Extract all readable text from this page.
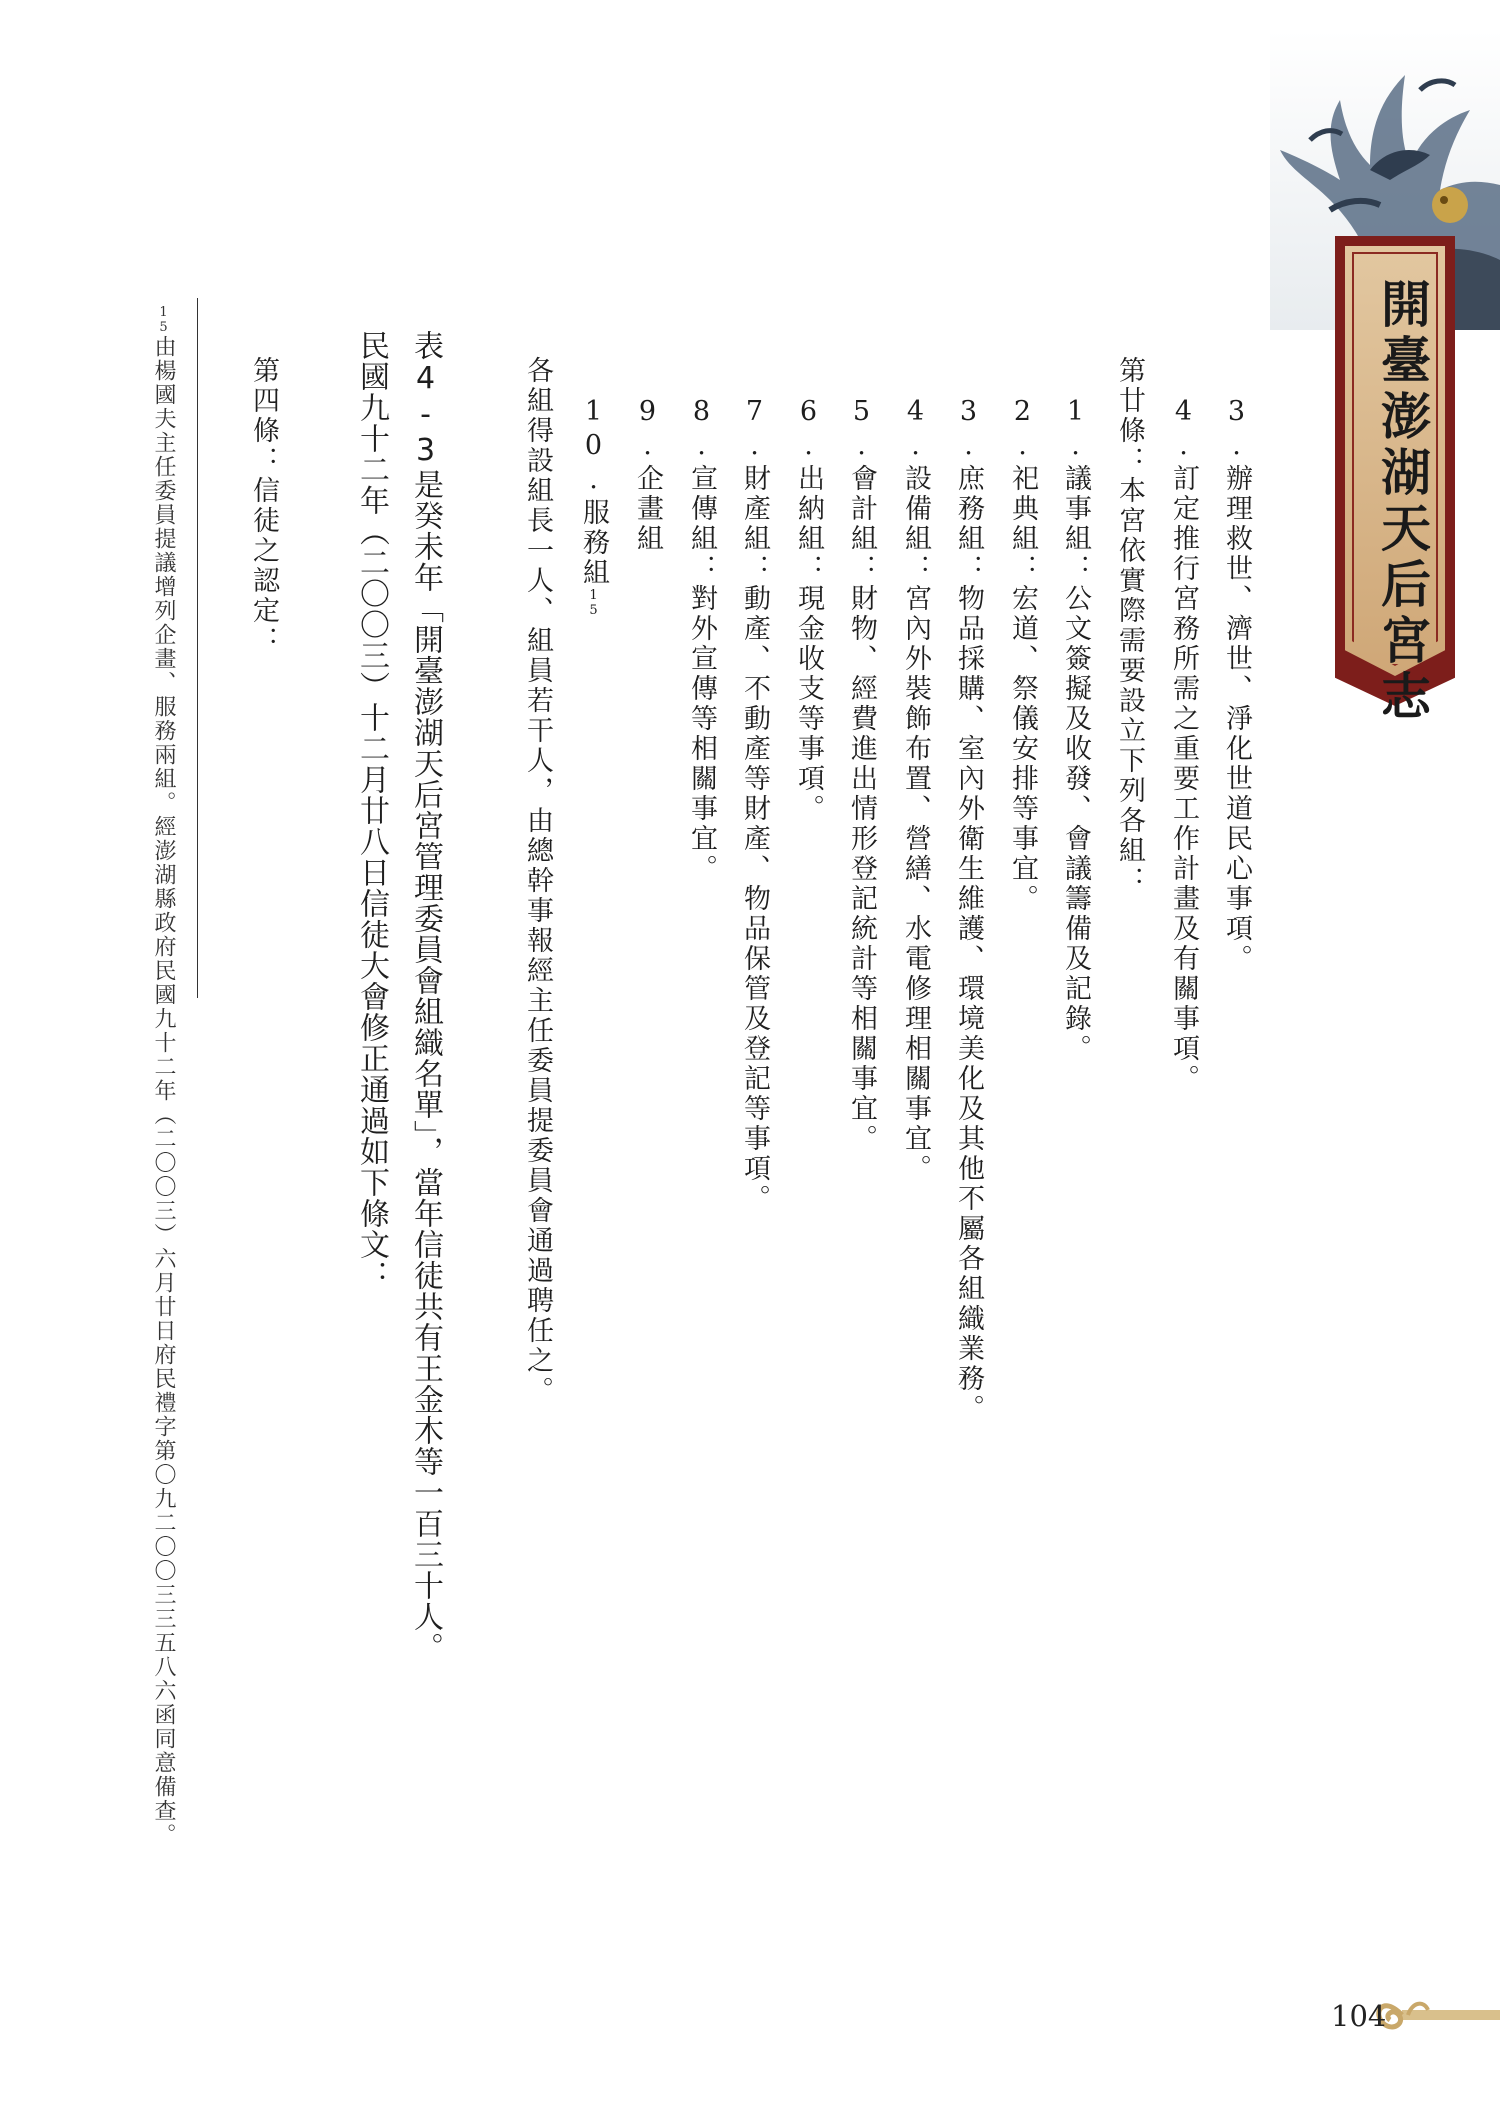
開臺澎湖天后宮志
3.辦理救世、濟世、淨化世道民心事項。
4.訂定推行宮務所需之重要工作計畫及有關事項。
第廿條：本宮依實際需要設立下列各組：
1.議事組：公文簽擬及收發、會議籌備及記錄。
2.祀典組：宏道、祭儀安排等事宜。
3.庶務組：物品採購、室內外衛生維護、環境美化及其他不屬各組織業務。
4.設備組：宮內外裝飾布置、營繕、水電修理相關事宜。
5.會計組：財物、經費進出情形登記統計等相關事宜。
6.出納組：現金收支等事項。
7.財產組：動產、不動產等財產、物品保管及登記等事項。
8.宣傳組：對外宣傳等相關事宜。
9.企畫組
10.服務組15
各組得設組長一人、組員若干人，由總幹事報經主任委員提委員會通過聘任之。
表4-3是癸未年「開臺澎湖天后宮管理委員會組織名單」，當年信徒共有王金木等一百三十人。
民國九十二年（二〇〇三）十二月廿八日信徒大會修正通過如下條文：
第四條：信徒之認定：
15由楊國夫主任委員提議增列企畫、服務兩組。經澎湖縣政府民國九十二年（二〇〇三）六月廿日府民禮字第〇九二〇〇三三五八六函同意備查。
104
